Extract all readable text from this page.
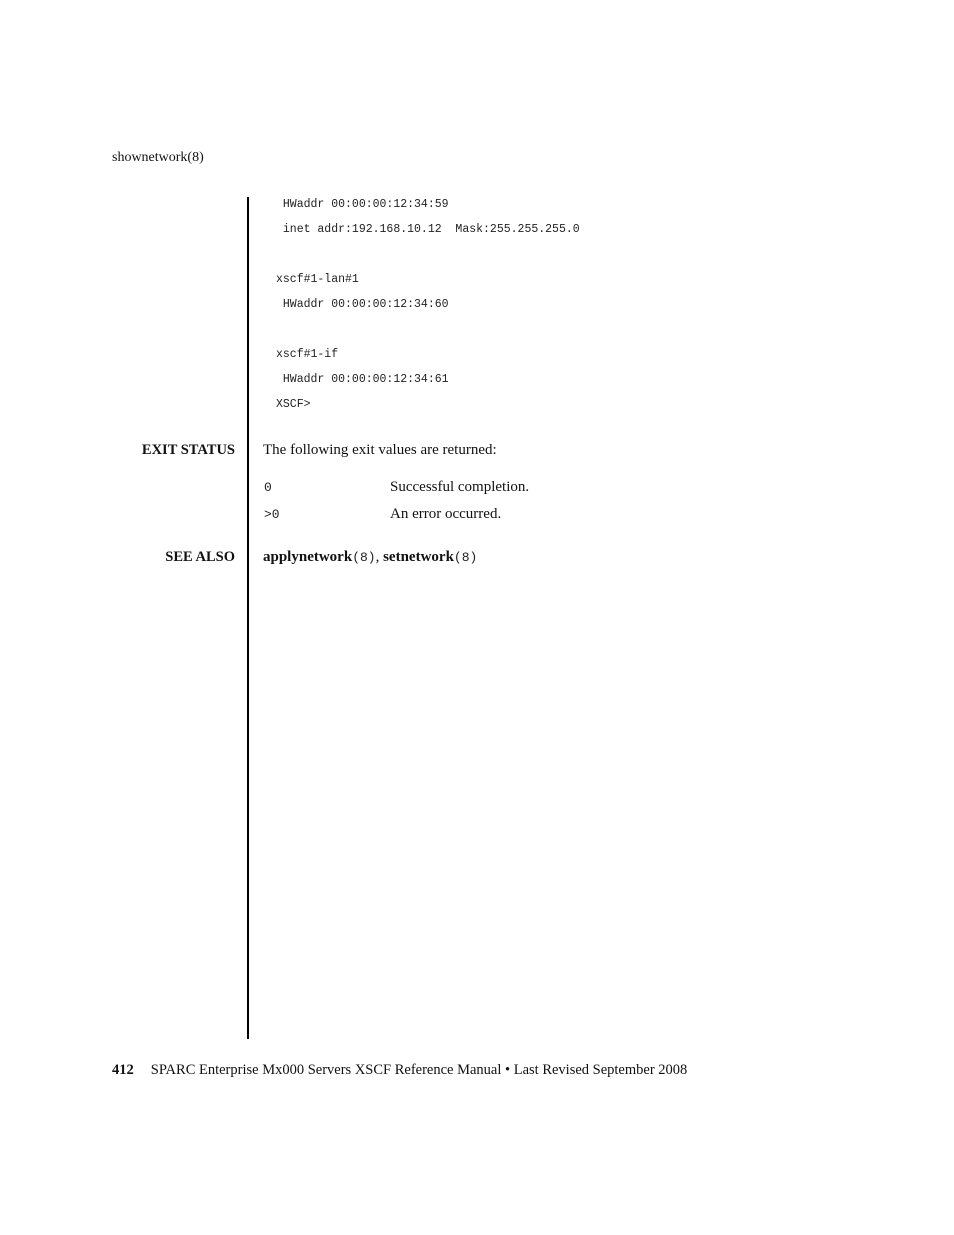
shownetwork(8)
HWaddr 00:00:00:12:34:59
inet addr:192.168.10.12  Mask:255.255.255.0
xscf#1-lan#1
HWaddr 00:00:00:12:34:60
xscf#1-if
HWaddr 00:00:00:12:34:61
XSCF>
EXIT STATUS The following exit values are returned:
0	Successful completion.
>0	An error occurred.
SEE ALSO applynetwork(8), setnetwork(8)
412 SPARC Enterprise Mx000 Servers XSCF Reference Manual • Last Revised September 2008
